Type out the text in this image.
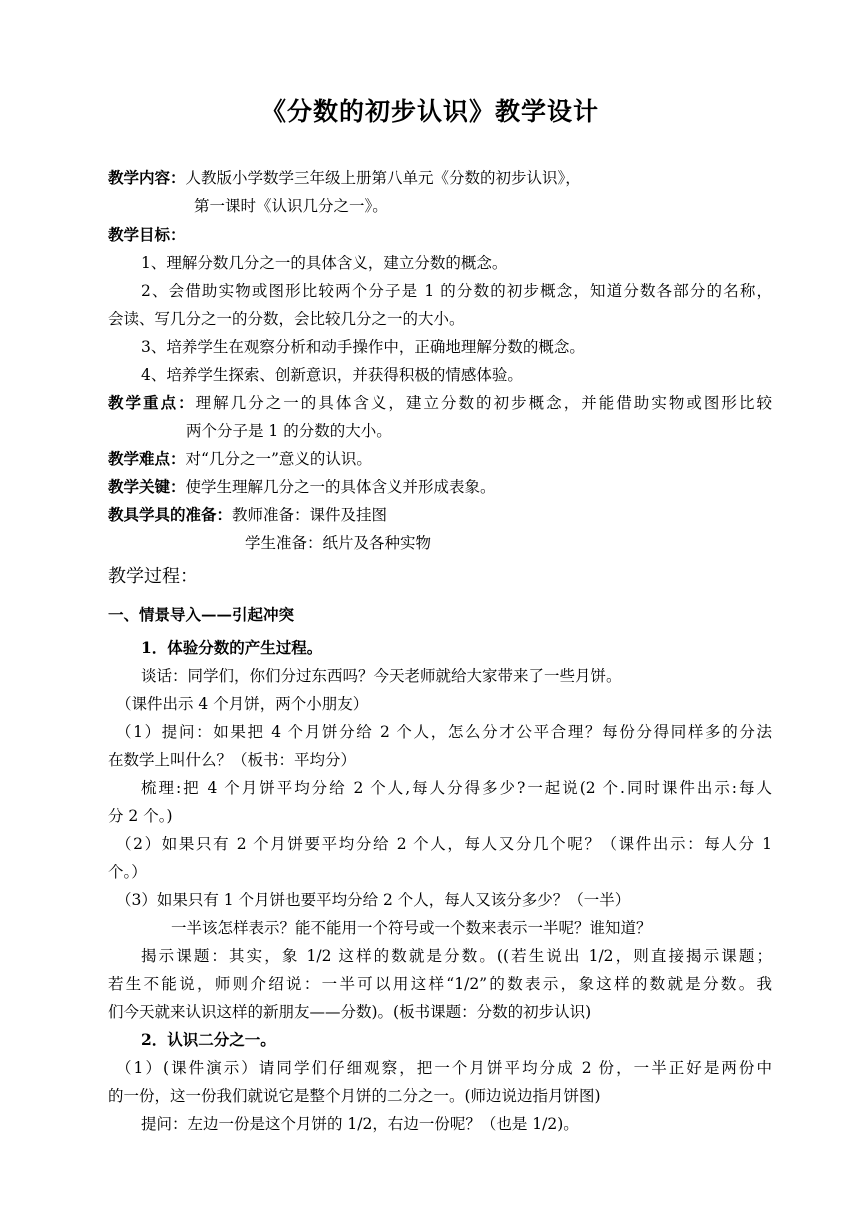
《分数的初步认识》教学设计
教学内容：人教版小学数学三年级上册第八单元《分数的初步认识》，
第一课时《认识几分之一》。
教学目标：
1、理解分数几分之一的具体含义，建立分数的概念。
2、会借助实物或图形比较两个分子是 1 的分数的初步概念，知道分数各部分的名称，
会读、写几分之一的分数，会比较几分之一的大小。
3、培养学生在观察分析和动手操作中，正确地理解分数的概念。
4、培养学生探索、创新意识，并获得积极的情感体验。
教学重点：理解几分之一的具体含义，建立分数的初步概念，并能借助实物或图形比较
两个分子是 1 的分数的大小。
教学难点：对“几分之一”意义的认识。
教学关键：使学生理解几分之一的具体含义并形成表象。
教具学具的准备：教师准备：课件及挂图
学生准备：纸片及各种实物
教学过程：
一、情景导入——引起冲突
1．体验分数的产生过程。
谈话：同学们，你们分过东西吗？今天老师就给大家带来了一些月饼。
（课件出示 4 个月饼，两个小朋友）
（1）提问：如果把 4 个月饼分给 2 个人，怎么分才公平合理？每份分得同样多的分法
在数学上叫什么？（板书：平均分）
梳理:把 4 个月饼平均分给 2 个人,每人分得多少?一起说(2 个.同时课件出示:每人
分 2 个。)
（2）如果只有 2 个月饼要平均分给 2 个人，每人又分几个呢？（课件出示：每人分 1
个。）
（3）如果只有 1 个月饼也要平均分给 2 个人，每人又该分多少？（一半）
一半该怎样表示？能不能用一个符号或一个数来表示一半呢？谁知道？
揭示课题：其实，象 1/2 这样的数就是分数。((若生说出 1/2，则直接揭示课题；
若生不能说，师则介绍说：一半可以用这样“1/2”的数表示，象这样的数就是分数。我
们今天就来认识这样的新朋友——分数)。(板书课题：分数的初步认识)
2．认识二分之一。
（1）(课件演示）请同学们仔细观察，把一个月饼平均分成 2 份，一半正好是两份中
的一份，这一份我们就说它是整个月饼的二分之一。(师边说边指月饼图)
提问：左边一份是这个月饼的 1/2，右边一份呢？（也是 1/2)。
